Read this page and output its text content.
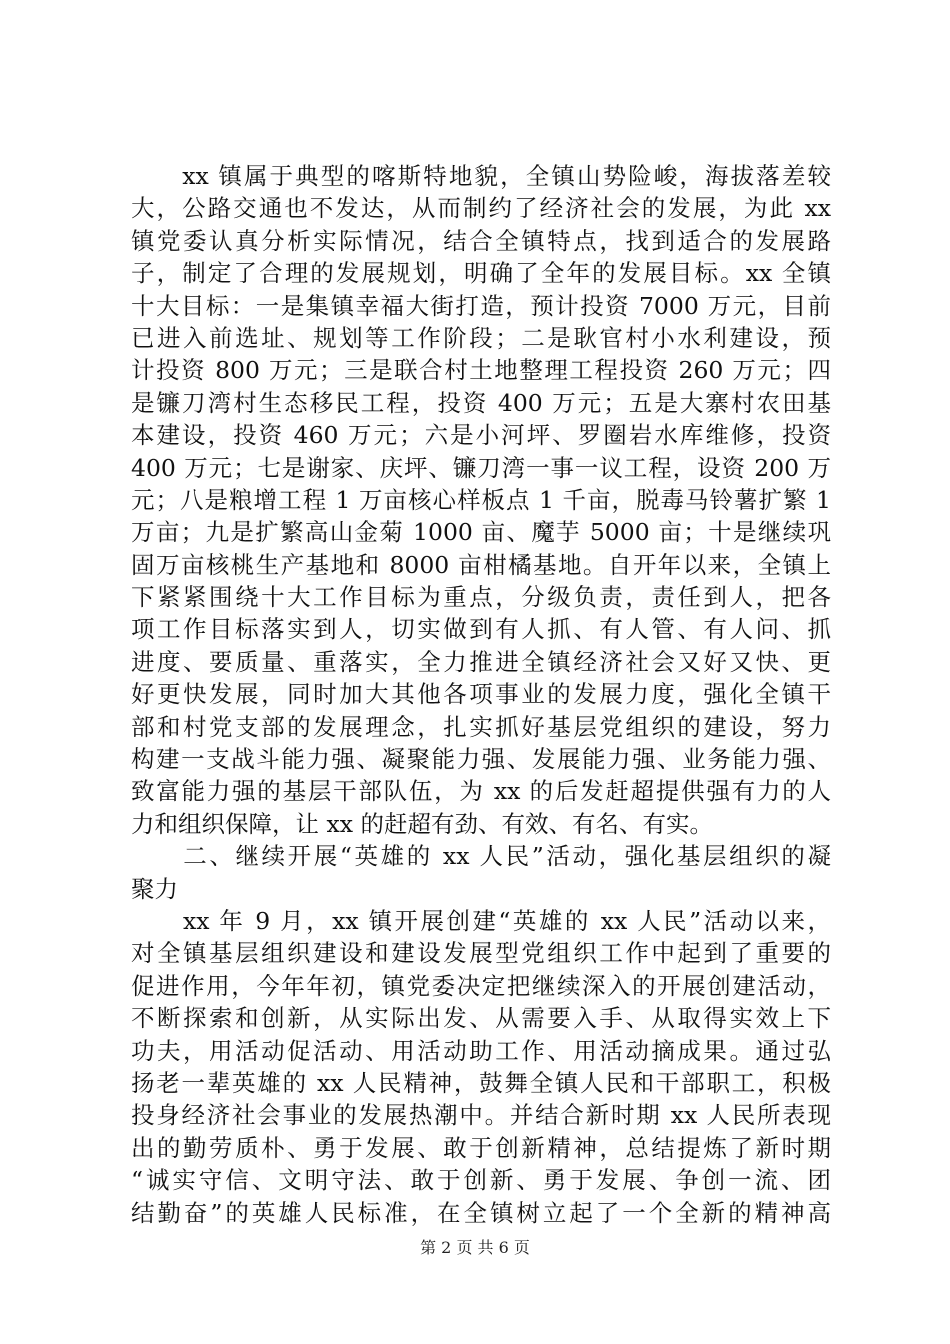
　　xx 镇属于典型的喀斯特地貌，全镇山势险峻，海拔落差较
大，公路交通也不发达，从而制约了经济社会的发展，为此 xx
镇党委认真分析实际情况，结合全镇特点，找到适合的发展路
子，制定了合理的发展规划，明确了全年的发展目标。xx 全镇
十大目标：一是集镇幸福大街打造，预计投资 7000 万元，目前
已进入前选址、规划等工作阶段；二是耿官村小水利建设，预
计投资 800 万元；三是联合村土地整理工程投资 260 万元；四
是镰刀湾村生态移民工程，投资 400 万元；五是大寨村农田基
本建设，投资 460 万元；六是小河坪、罗圈岩水库维修，投资
400 万元；七是谢家、庆坪、镰刀湾一事一议工程，设资 200 万
元；八是粮增工程 1 万亩核心样板点 1 千亩，脱毒马铃薯扩繁 1
万亩；九是扩繁高山金菊 1000 亩、魔芋 5000 亩；十是继续巩
固万亩核桃生产基地和 8000 亩柑橘基地。自开年以来，全镇上
下紧紧围绕十大工作目标为重点，分级负责，责任到人，把各
项工作目标落实到人，切实做到有人抓、有人管、有人问、抓
进度、要质量、重落实，全力推进全镇经济社会又好又快、更
好更快发展，同时加大其他各项事业的发展力度，强化全镇干
部和村党支部的发展理念，扎实抓好基层党组织的建设，努力
构建一支战斗能力强、凝聚能力强、发展能力强、业务能力强、
致富能力强的基层干部队伍，为 xx 的后发赶超提供强有力的人
力和组织保障，让 xx 的赶超有劲、有效、有名、有实。
　　二、继续开展“英雄的 xx 人民”活动，强化基层组织的凝
聚力
　　xx 年 9 月，xx 镇开展创建“英雄的 xx 人民”活动以来，
对全镇基层组织建设和建设发展型党组织工作中起到了重要的
促进作用，今年年初，镇党委决定把继续深入的开展创建活动，
不断探索和创新，从实际出发、从需要入手、从取得实效上下
功夫，用活动促活动、用活动助工作、用活动摘成果。通过弘
扬老一辈英雄的 xx 人民精神，鼓舞全镇人民和干部职工，积极
投身经济社会事业的发展热潮中。并结合新时期 xx 人民所表现
出的勤劳质朴、勇于发展、敢于创新精神，总结提炼了新时期
“诚实守信、文明守法、敢于创新、勇于发展、争创一流、团
结勤奋”的英雄人民标准，在全镇树立起了一个全新的精神高
第 2 页 共 6 页
